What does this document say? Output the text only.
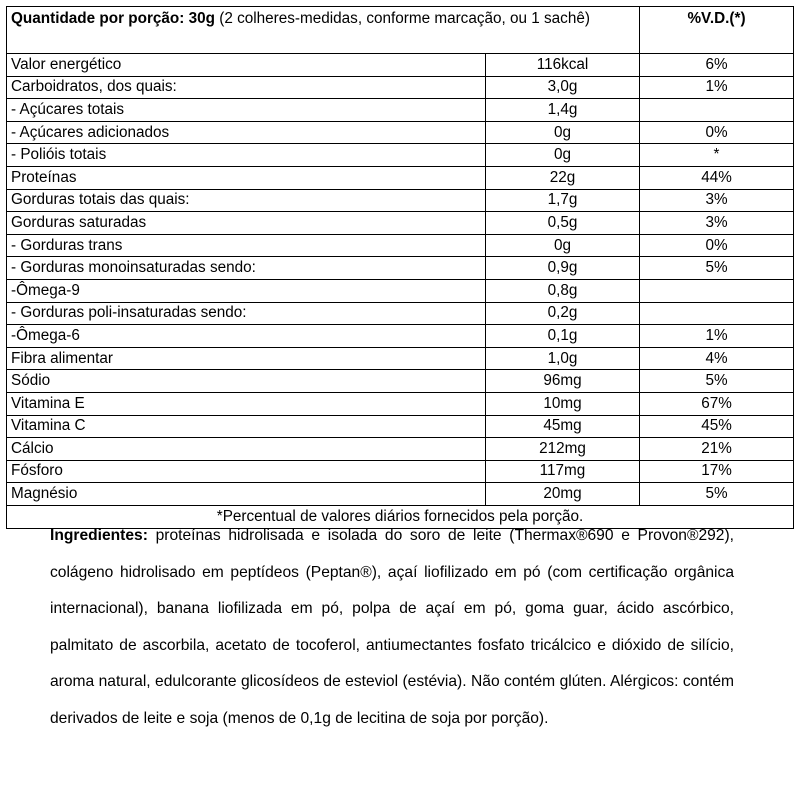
Quantidade por porção: 30g (2 colheres-medidas, conforme marcação, ou 1 sachê)		%V.D.(*)
Valor energético	116kcal	6%
Carboidratos, dos quais:	3,0g	1%
- Açúcares totais	1,4g	
- Açúcares adicionados	0g	0%
- Polióis totais	0g	*
Proteínas	22g	44%
Gorduras totais das quais:	1,7g	3%
Gorduras saturadas	0,5g	3%
- Gorduras trans	0g	0%
- Gorduras monoinsaturadas sendo:	0,9g	5%
-Ômega-9	0,8g	
- Gorduras poli-insaturadas sendo:	0,2g	
-Ômega-6	0,1g	1%
Fibra alimentar	1,0g	4%
Sódio	96mg	5%
Vitamina E	10mg	67%
Vitamina C	45mg	45%
Cálcio	212mg	21%
Fósforo	117mg	17%
Magnésio	20mg	5%
*Percentual de valores diários fornecidos pela porção.		

Ingredientes: proteínas hidrolisada e isolada do soro de leite (Thermax®690 e Provon®292), colágeno hidrolisado em peptídeos (Peptan®), açaí liofilizado em pó (com certificação orgânica internacional), banana liofilizada em pó, polpa de açaí em pó, goma guar, ácido ascórbico, palmitato de ascorbila, acetato de tocoferol, antiumectantes fosfato tricálcico e dióxido de silício, aroma natural, edulcorante glicosídeos de esteviol (estévia). Não contém glúten. Alérgicos: contém derivados de leite e soja (menos de 0,1g de lecitina de soja por porção).
